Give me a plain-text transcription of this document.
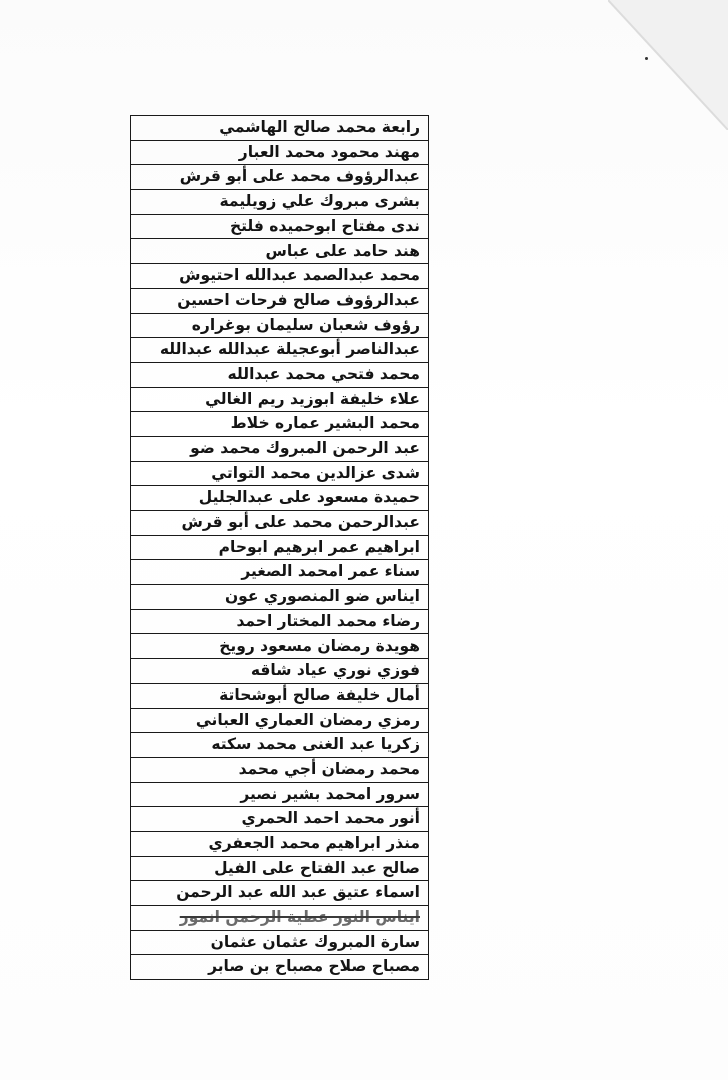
رابعة محمد صالح الهاشمي
مهند محمود محمد العبار
عبدالرؤوف محمد على أبو قرش
بشرى مبروك علي زويليمة
ندى مفتاح ابوحميده فلتخ
هند حامد على عباس
محمد عبدالصمد عبدالله احتيوش
عبدالرؤوف صالح فرحات احسين
رؤوف شعبان سليمان بوغراره
عبدالناصر أبوعجيلة عبدالله عبدالله
محمد فتحي محمد عبدالله
علاء خليفة ابوزيد ريم الغالي
محمد البشير عماره خلاط
عبد الرحمن المبروك محمد ضو
شدى عزالدين محمد التواتي
حميدة مسعود على عبدالجليل
عبدالرحمن محمد على أبو قرش
ابراهيم عمر ابرهيم ابوحام
سناء عمر امحمد الصغير
ايناس ضو المنصوري عون
رضاء محمد المختار احمد
هويدة رمضان مسعود رويخ
فوزي نوري عياد شاقه
أمال خليفة صالح أبوشحاتة
رمزي رمضان العماري العباني
زكريا عبد الغنى محمد سكته
محمد رمضان أجي محمد
سرور امحمد بشير نصير
أنور محمد احمد الحمري
منذر ابراهيم محمد الجعفري
صالح عبد الفتاح على الفيل
اسماء عتيق عبد الله عبد الرحمن
ايناس النور عطية الرحمن انمور
سارة المبروك عثمان عثمان
مصباح صلاح مصباح بن صابر
